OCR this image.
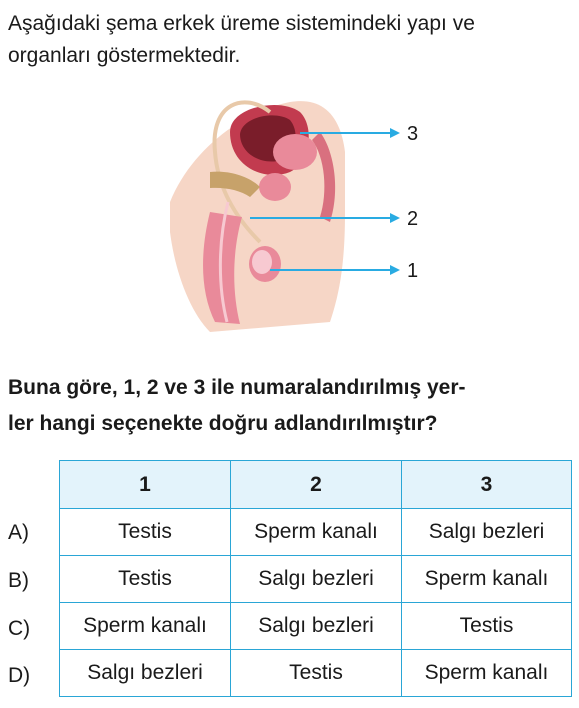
Aşağıdaki şema erkek üreme sistemindeki yapı ve
organları göstermektedir.
3
2
1
Buna göre, 1, 2 ve 3 ile numaralandırılmış yer-
ler hangi seçenekte doğru adlandırılmıştır?
A)
B)
C)
D)
1	2	3
Testis	Sperm kanalı	Salgı bezleri
Testis	Salgı bezleri	Sperm kanalı
Sperm kanalı	Salgı bezleri	Testis
Salgı bezleri	Testis	Sperm kanalı
